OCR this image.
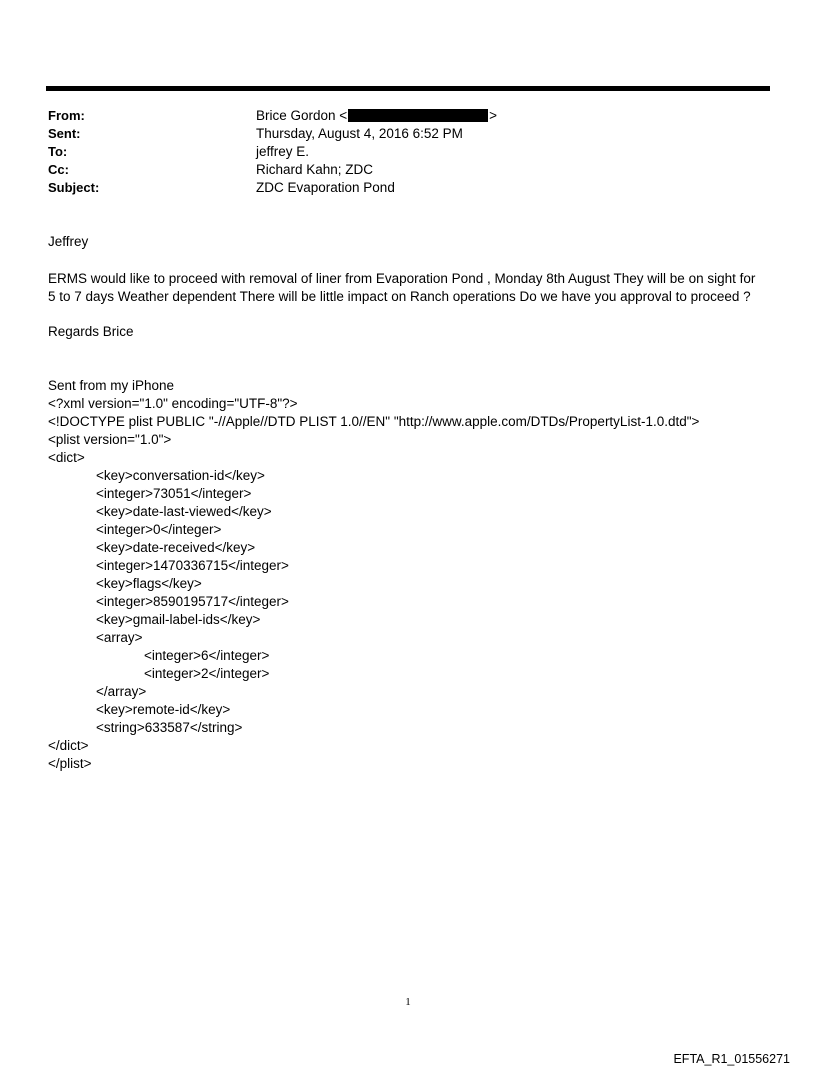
From:	Brice Gordon <	>
Sent:	Thursday, August 4, 2016 6:52 PM
To:	jeffrey E.
Cc:	Richard Kahn; ZDC
Subject:	ZDC Evaporation Pond
Jeffrey
ERMS would like to proceed with removal of liner from Evaporation Pond , Monday 8th August They will be on sight for
5 to 7 days Weather dependent There will be little impact on Ranch operations Do we have you approval to proceed ?
Regards Brice
Sent from my iPhone
<?xml version="1.0" encoding="UTF-8"?>
<!DOCTYPE plist PUBLIC "-//Apple//DTD PLIST 1.0//EN" "http://www.apple.com/DTDs/PropertyList-1.0.dtd">
<plist version="1.0">
<dict>
<key>conversation-id</key>
<integer>73051</integer>
<key>date-last-viewed</key>
<integer>0</integer>
<key>date-received</key>
<integer>1470336715</integer>
<key>flags</key>
<integer>8590195717</integer>
<key>gmail-label-ids</key>
<array>
<integer>6</integer>
<integer>2</integer>
</array>
<key>remote-id</key>
<string>633587</string>
</dict>
</plist>
1
EFTA_R1_01556271
